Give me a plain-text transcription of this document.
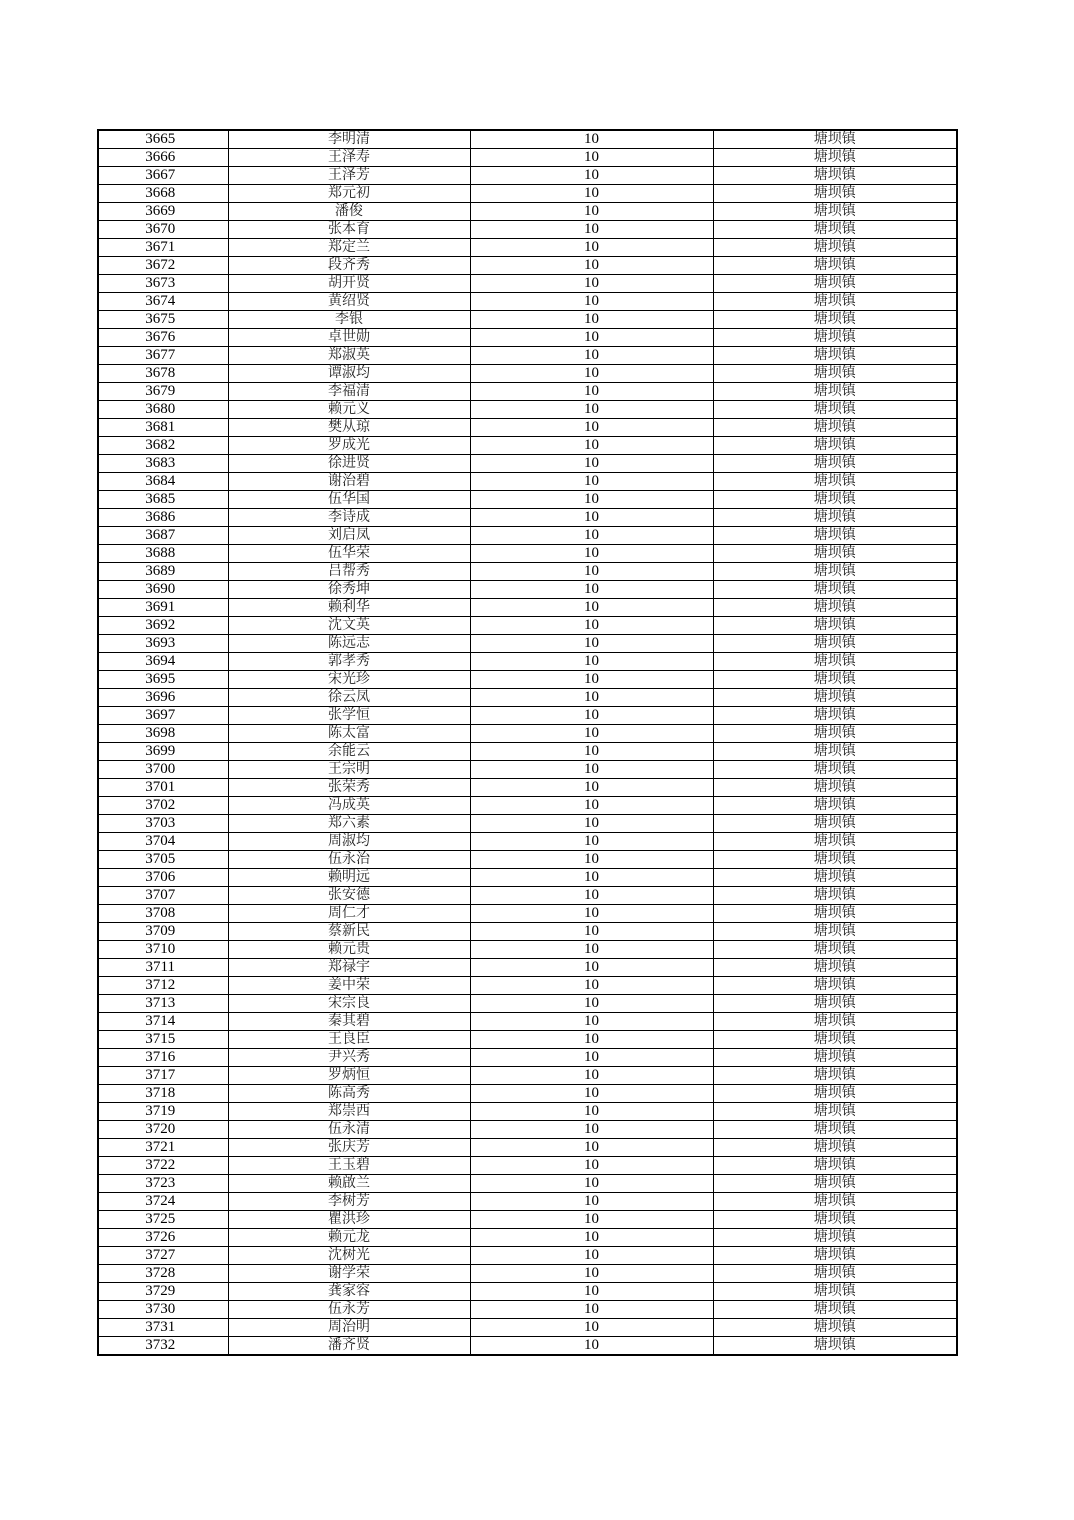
3665	李明清	10	塘坝镇
3666	王泽寿	10	塘坝镇
3667	王泽芳	10	塘坝镇
3668	郑元初	10	塘坝镇
3669	潘俊	10	塘坝镇
3670	张本育	10	塘坝镇
3671	郑定兰	10	塘坝镇
3672	段齐秀	10	塘坝镇
3673	胡开贤	10	塘坝镇
3674	黄绍贤	10	塘坝镇
3675	李银	10	塘坝镇
3676	卓世勋	10	塘坝镇
3677	郑淑英	10	塘坝镇
3678	谭淑均	10	塘坝镇
3679	李福清	10	塘坝镇
3680	赖元义	10	塘坝镇
3681	樊从琼	10	塘坝镇
3682	罗成光	10	塘坝镇
3683	徐进贤	10	塘坝镇
3684	谢治碧	10	塘坝镇
3685	伍华国	10	塘坝镇
3686	李诗成	10	塘坝镇
3687	刘启凤	10	塘坝镇
3688	伍华荣	10	塘坝镇
3689	吕帮秀	10	塘坝镇
3690	徐秀坤	10	塘坝镇
3691	赖利华	10	塘坝镇
3692	沈文英	10	塘坝镇
3693	陈远志	10	塘坝镇
3694	郭孝秀	10	塘坝镇
3695	宋光珍	10	塘坝镇
3696	徐云凤	10	塘坝镇
3697	张学恒	10	塘坝镇
3698	陈太富	10	塘坝镇
3699	余能云	10	塘坝镇
3700	王宗明	10	塘坝镇
3701	张荣秀	10	塘坝镇
3702	冯成英	10	塘坝镇
3703	郑六素	10	塘坝镇
3704	周淑均	10	塘坝镇
3705	伍永治	10	塘坝镇
3706	赖明远	10	塘坝镇
3707	张安德	10	塘坝镇
3708	周仁才	10	塘坝镇
3709	蔡新民	10	塘坝镇
3710	赖元贵	10	塘坝镇
3711	郑禄宇	10	塘坝镇
3712	姜中荣	10	塘坝镇
3713	宋宗良	10	塘坝镇
3714	秦其碧	10	塘坝镇
3715	王良臣	10	塘坝镇
3716	尹兴秀	10	塘坝镇
3717	罗炳恒	10	塘坝镇
3718	陈高秀	10	塘坝镇
3719	郑崇西	10	塘坝镇
3720	伍永清	10	塘坝镇
3721	张庆芳	10	塘坝镇
3722	王玉碧	10	塘坝镇
3723	赖啟兰	10	塘坝镇
3724	李树芳	10	塘坝镇
3725	瞿洪珍	10	塘坝镇
3726	赖元龙	10	塘坝镇
3727	沈树光	10	塘坝镇
3728	谢学荣	10	塘坝镇
3729	龚家容	10	塘坝镇
3730	伍永芳	10	塘坝镇
3731	周治明	10	塘坝镇
3732	潘齐贤	10	塘坝镇
